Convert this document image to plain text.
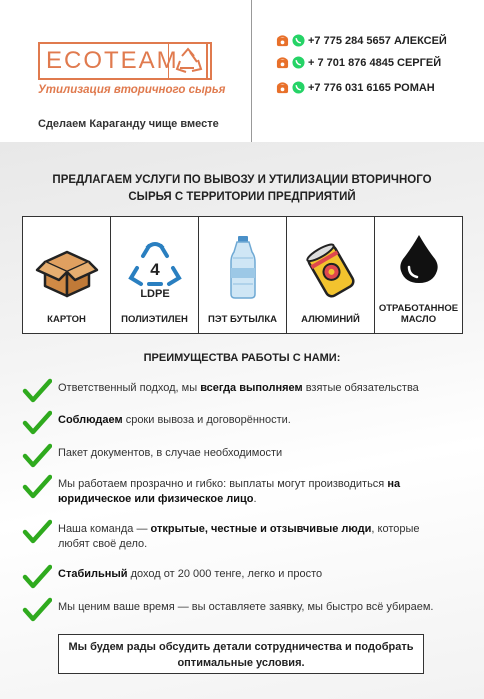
ECOTEAM
Утилизация вторичного сырья
Сделаем Караганду чище вместе
+7 775 284 5657 АЛЕКСЕЙ
+ 7 701 876 4845 СЕРГЕЙ
+7 776 031 6165 РОМАН
ПРЕДЛАГАЕМ УСЛУГИ ПО ВЫВОЗУ И УТИЛИЗАЦИИ ВТОРИЧНОГО СЫРЬЯ С ТЕРРИТОРИИ ПРЕДПРИЯТИЙ
КАРТОН	
4
LDPE
ПОЛИЭТИЛЕН	ПЭТ БУТЫЛКА	АЛЮМИНИЙ	
ОТРАБОТАННОЕ МАСЛО
ПРЕИМУЩЕСТВА РАБОТЫ С НАМИ:
Ответственный подход, мы всегда выполняем взятые обязательства
Соблюдаем сроки вывоза и договорённости.
Пакет документов, в случае необходимости
Мы работаем прозрачно и гибко: выплаты могут производиться на юридическое или физическое лицо.
Наша команда — открытые, честные и отзывчивые люди, которые любят своё дело.
Стабильный доход от 20 000 тенге, легко и просто
Мы ценим ваше время — вы оставляете заявку, мы быстро всё убираем.
Мы будем рады обсудить детали сотрудничества и подобрать оптимальные условия.
